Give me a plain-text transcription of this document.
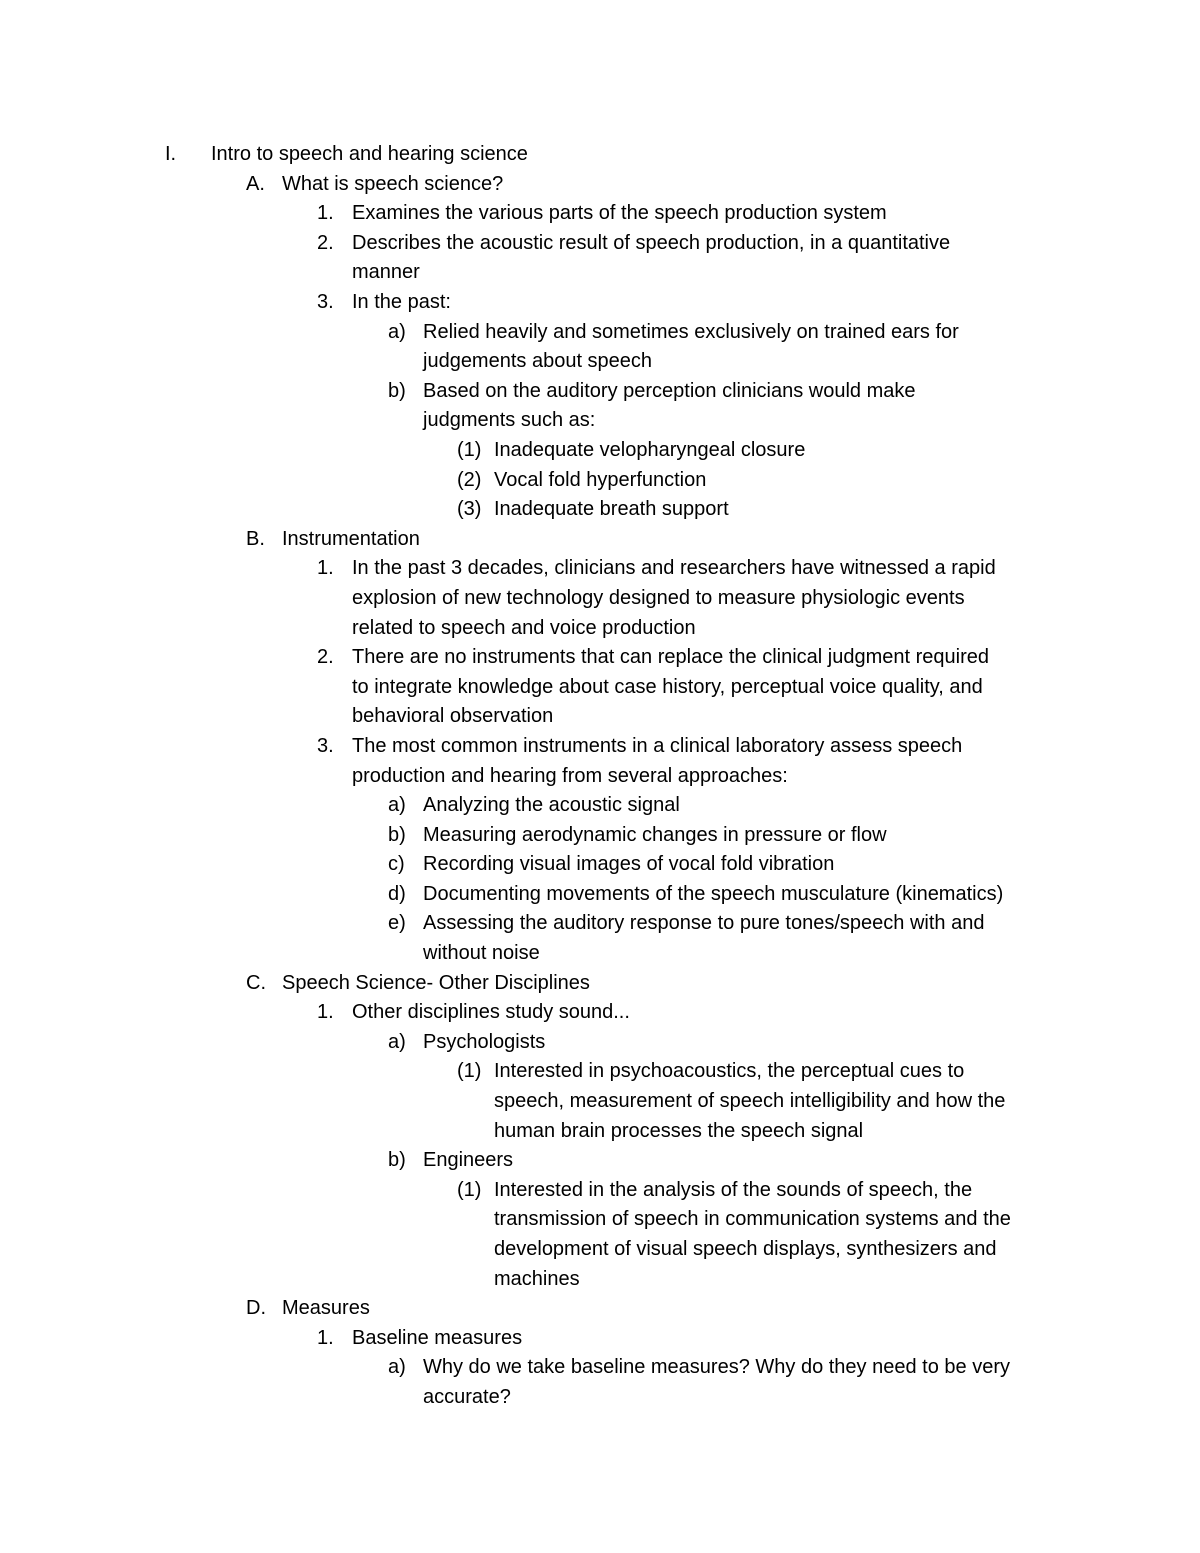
I. Intro to speech and hearing science
A. What is speech science?
1. Examines the various parts of the speech production system
2. Describes the acoustic result of speech production, in a quantitative
manner
3. In the past:
a) Relied heavily and sometimes exclusively on trained ears for
judgements about speech
b) Based on the auditory perception clinicians would make
judgments such as:
(1) Inadequate velopharyngeal closure
(2) Vocal fold hyperfunction
(3) Inadequate breath support
B. Instrumentation
1. In the past 3 decades, clinicians and researchers have witnessed a rapid
explosion of new technology designed to measure physiologic events
related to speech and voice production
2. There are no instruments that can replace the clinical judgment required
to integrate knowledge about case history, perceptual voice quality, and
behavioral observation
3. The most common instruments in a clinical laboratory assess speech
production and hearing from several approaches:
a) Analyzing the acoustic signal
b) Measuring aerodynamic changes in pressure or flow
c) Recording visual images of vocal fold vibration
d) Documenting movements of the speech musculature (kinematics)
e) Assessing the auditory response to pure tones/speech with and
without noise
C. Speech Science- Other Disciplines
1. Other disciplines study sound...
a) Psychologists
(1) Interested in psychoacoustics, the perceptual cues to
speech, measurement of speech intelligibility and how the
human brain processes the speech signal
b) Engineers
(1) Interested in the analysis of the sounds of speech, the
transmission of speech in communication systems and the
development of visual speech displays, synthesizers and
machines
D. Measures
1. Baseline measures
a) Why do we take baseline measures? Why do they need to be very
accurate?
